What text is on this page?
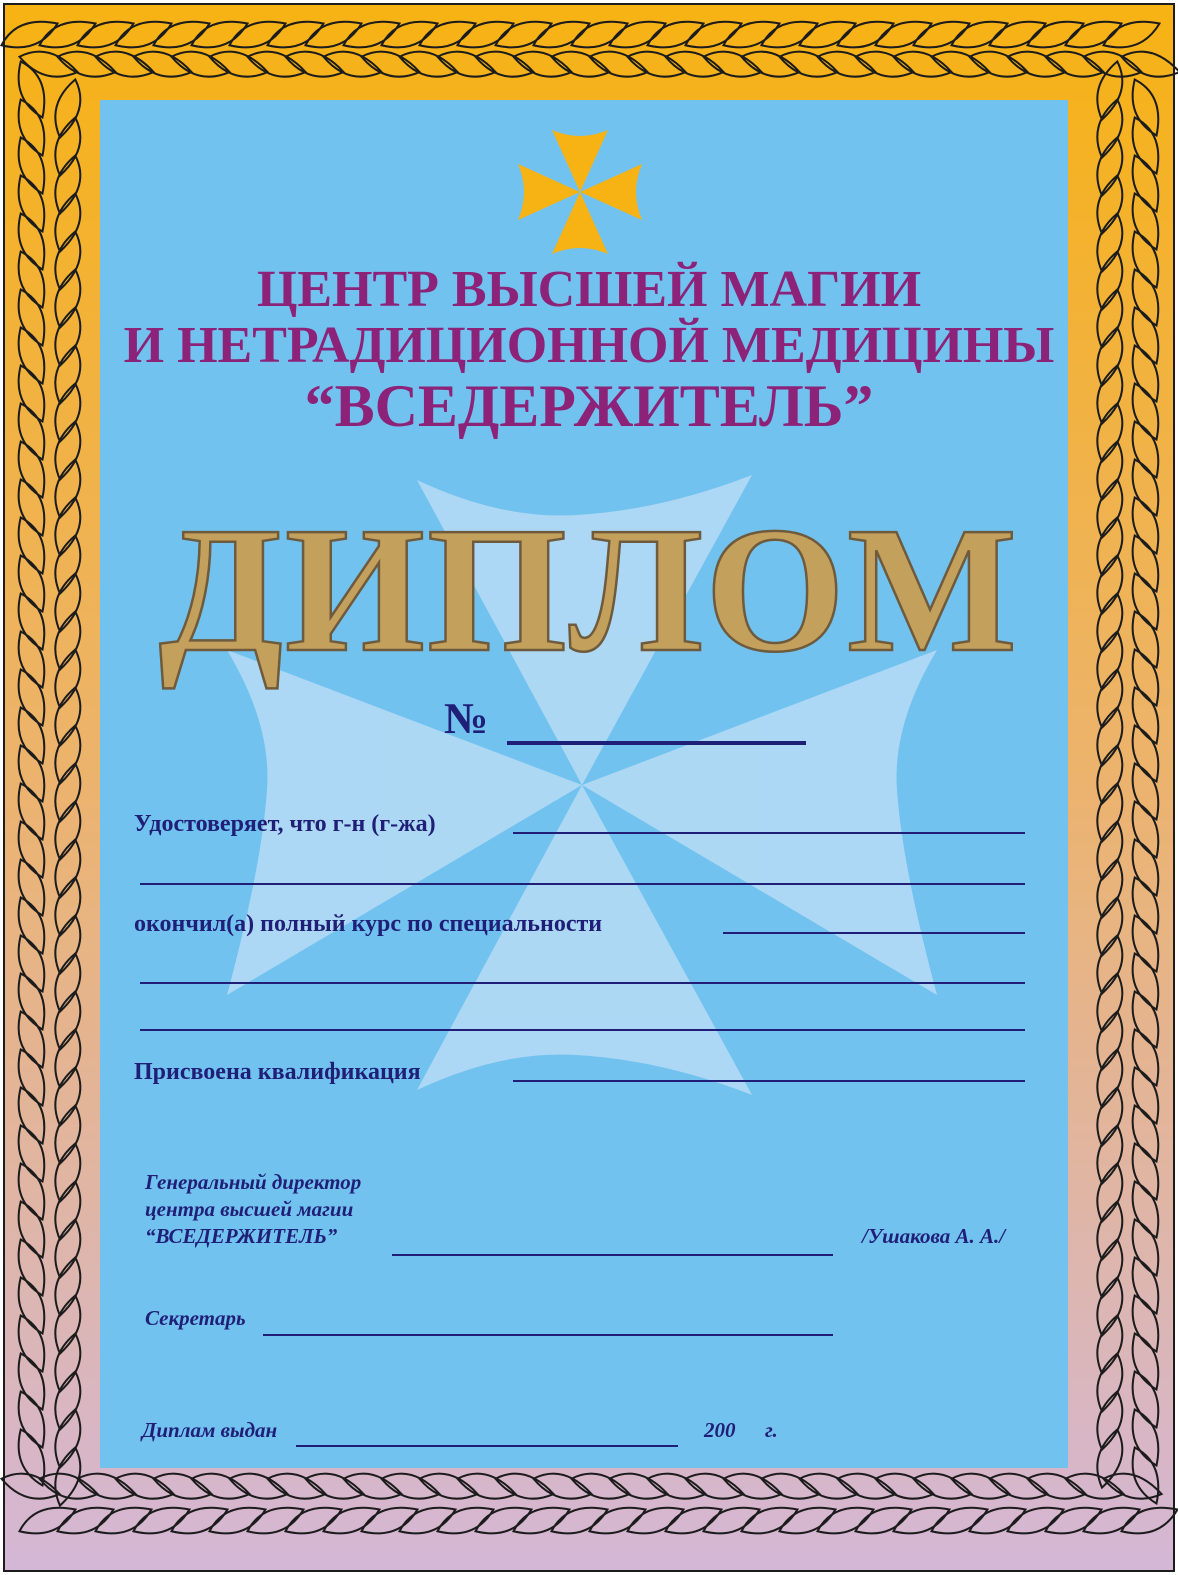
ЦЕНТР ВЫСШЕЙ МАГИИ
И НЕТРАДИЦИОННОЙ МЕДИЦИНЫ
“ВСЕДЕРЖИТЕЛЬ”
ДИПЛОМ
№
Удостоверяет, что г-н (г-жа)
окончил(а) полный курс по специальности
Присвоена квалификация
Генеральный директор
центра высшей магии
“ВСЕДЕРЖИТЕЛЬ”	/Ушакова А. А./
Секретарь
Диплам выдан	200 г.
